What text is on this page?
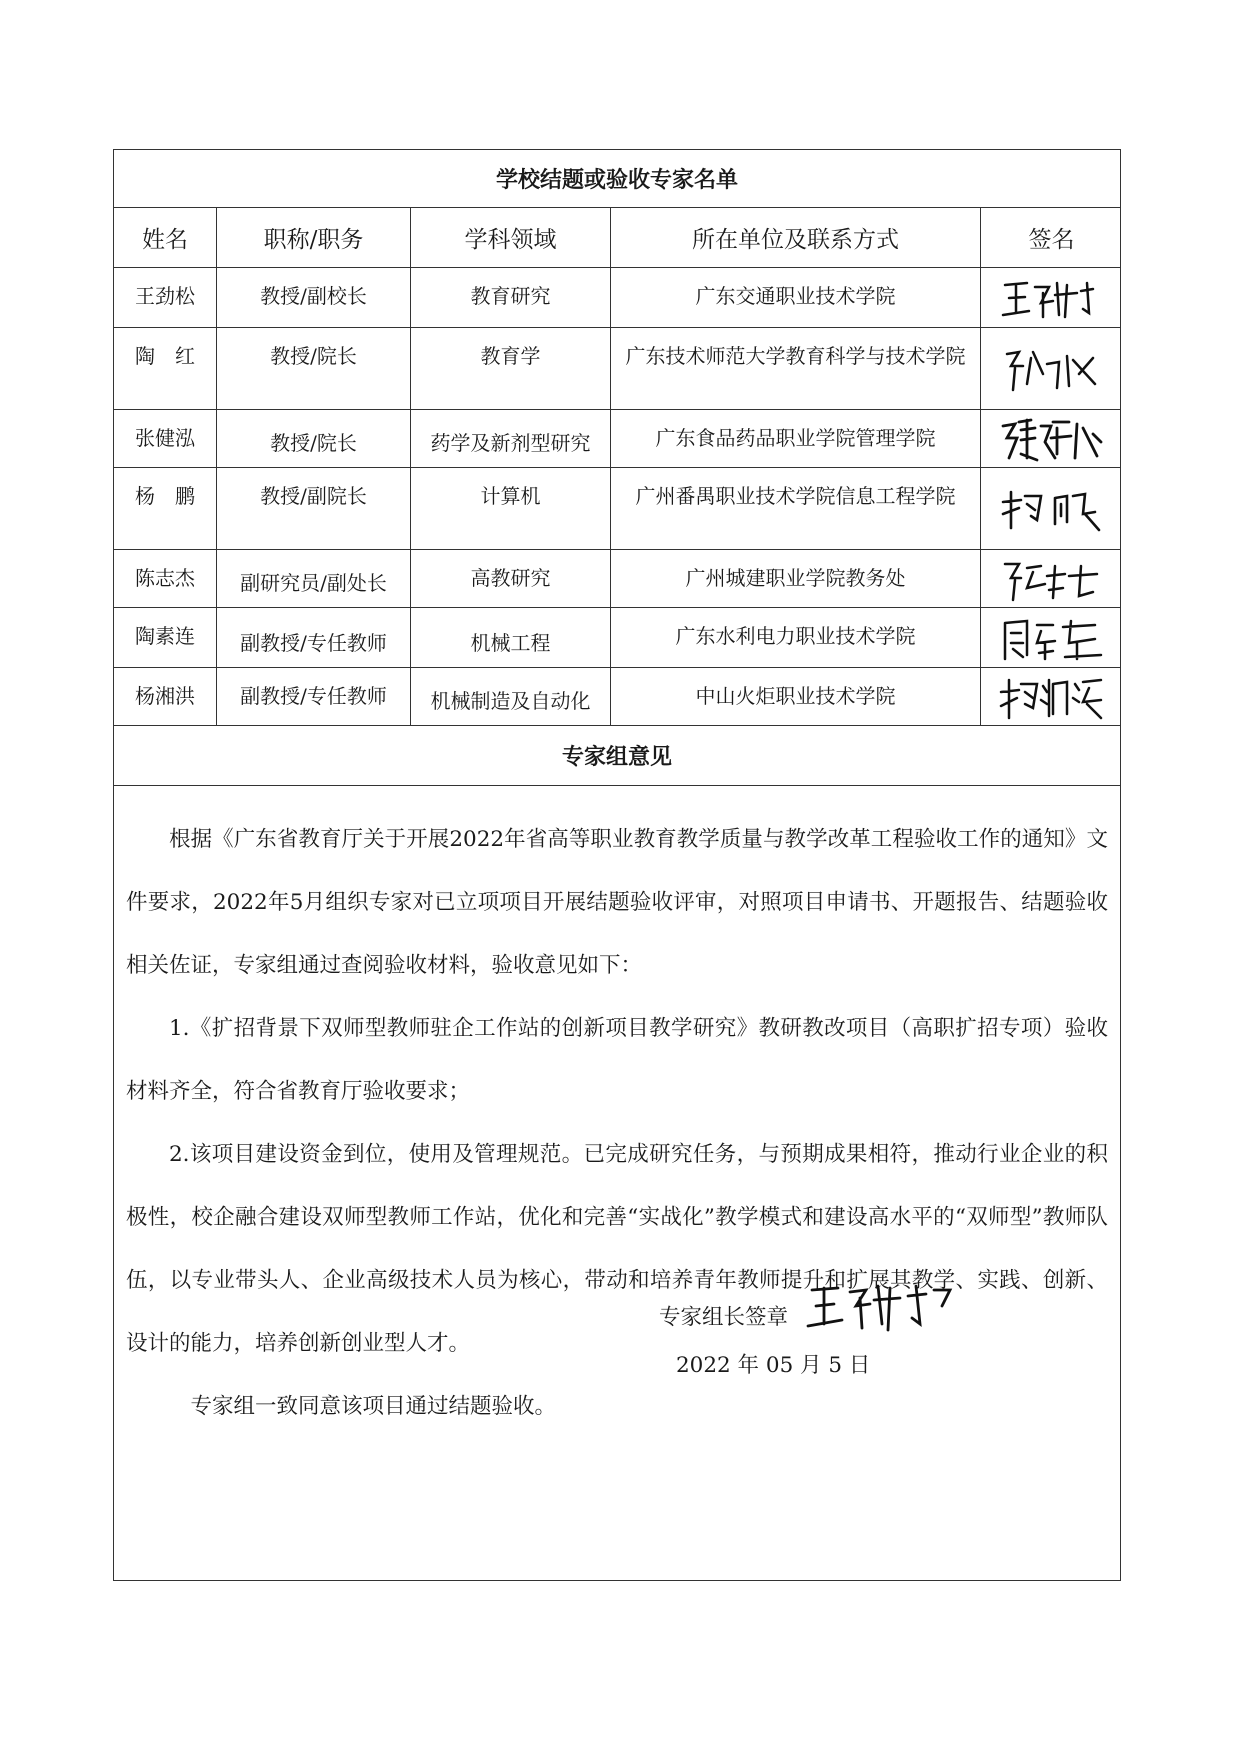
学校结题或验收专家名单
姓名	职称/职务	学科领域	所在单位及联系方式	签名
王劲松	教授/副校长	教育研究	广东交通职业技术学院
陶　红	教授/院长	教育学	广东技术师范大学教育科学与技术学院
张健泓	教授/院长	药学及新剂型研究	广东食品药品职业学院管理学院
杨　鹏	教授/副院长	计算机	广州番禺职业技术学院信息工程学院
陈志杰	副研究员/副处长	高教研究	广州城建职业学院教务处
陶素连	副教授/专任教师	机械工程	广东水利电力职业技术学院
杨湘洪	副教授/专任教师	机械制造及自动化	中山火炬职业技术学院
专家组意见

根据《广东省教育厅关于开展2022年省高等职业教育教学质量与教学改革工程验收工作的通知》文件要求，2022年5月组织专家对已立项项目开展结题验收评审，对照项目申请书、开题报告、结题验收相关佐证，专家组通过查阅验收材料，验收意见如下：

1.《扩招背景下双师型教师驻企工作站的创新项目教学研究》教研教改项目（高职扩招专项）验收材料齐全，符合省教育厅验收要求；

2.该项目建设资金到位，使用及管理规范。已完成研究任务，与预期成果相符，推动行业企业的积极性，校企融合建设双师型教师工作站，优化和完善“实战化”教学模式和建设高水平的“双师型”教师队伍，以专业带头人、企业高级技术人员为核心，带动和培养青年教师提升和扩展其教学、实践、创新、设计的能力，培养创新创业型人才。

专家组一致同意该项目通过结题验收。

专家组长签章
2022 年 05 月 5 日
